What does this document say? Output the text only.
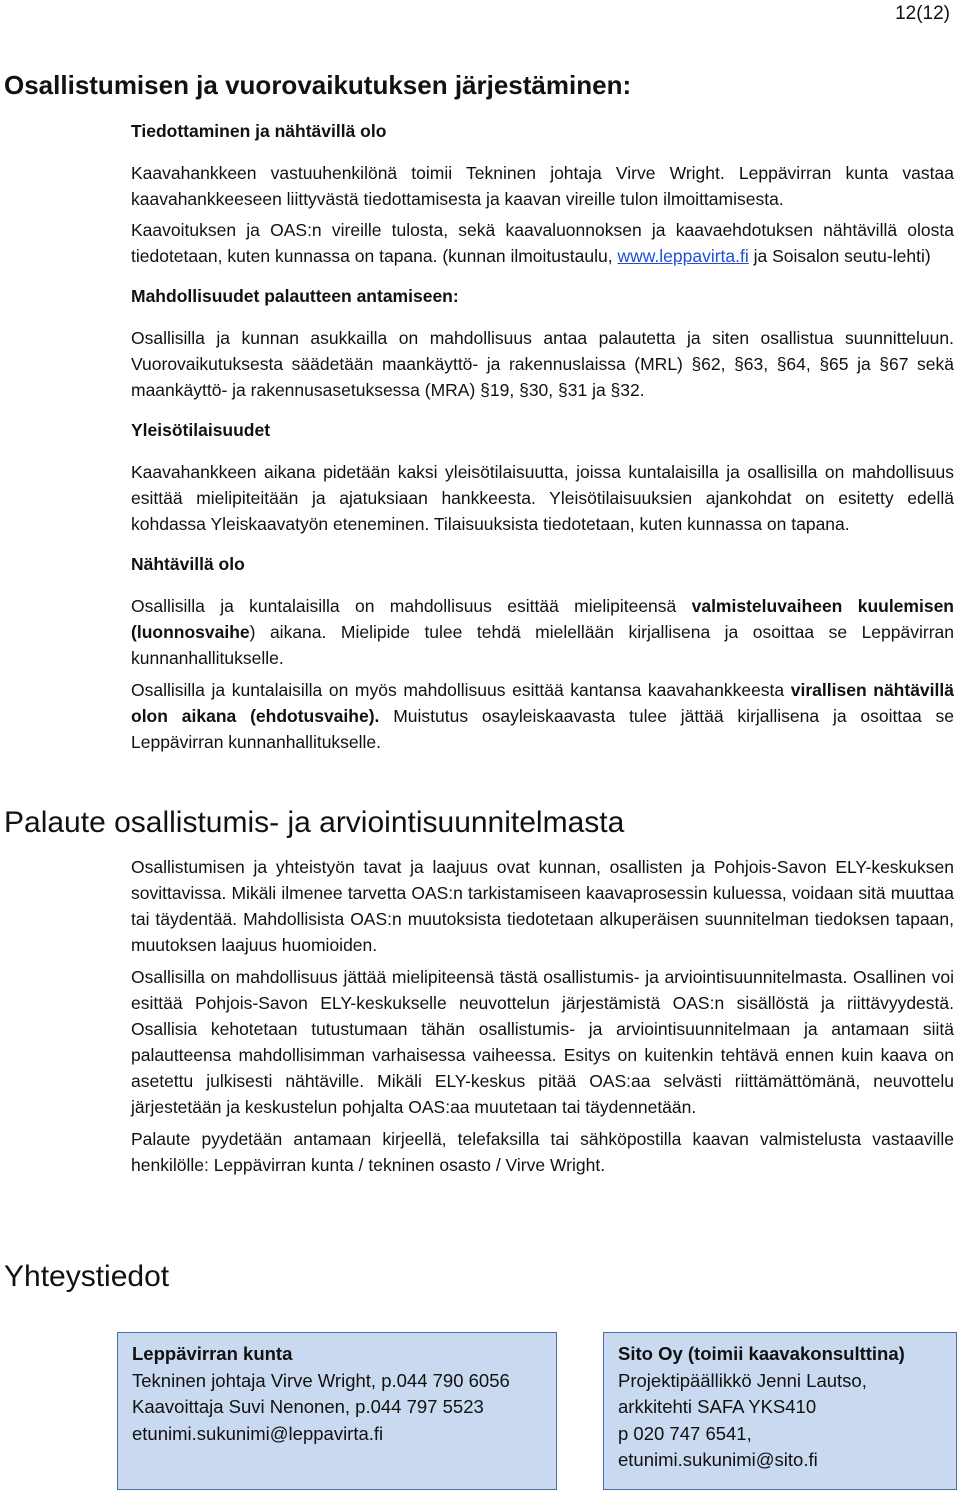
12(12)
Osallistumisen ja vuorovaikutuksen järjestäminen:
Tiedottaminen ja nähtävillä olo

Kaavahankkeen vastuuhenkilönä toimii Tekninen johtaja Virve Wright. Leppävirran kunta vastaa kaavahankkeeseen liittyvästä tiedottamisesta ja kaavan vireille tulon ilmoittamisesta.

Kaavoituksen ja OAS:n vireille tulosta, sekä kaavaluonnoksen ja kaavaehdotuksen nähtävillä olosta tiedotetaan, kuten kunnassa on tapana. (kunnan ilmoitustaulu, www.leppavirta.fi ja Soisalon seutu-lehti)

Mahdollisuudet palautteen antamiseen:

Osallisilla ja kunnan asukkailla on mahdollisuus antaa palautetta ja siten osallistua suunnitteluun. Vuorovaikutuksesta säädetään maankäyttö- ja rakennuslaissa (MRL) §62, §63, §64, §65 ja §67 sekä maankäyttö- ja rakennusasetuksessa (MRA) §19, §30, §31 ja §32.

Yleisötilaisuudet

Kaavahankkeen aikana pidetään kaksi yleisötilaisuutta, joissa kuntalaisilla ja osallisilla on mahdollisuus esittää mielipiteitään ja ajatuksiaan hankkeesta. Yleisötilaisuuksien ajankohdat on esitetty edellä kohdassa Yleiskaavatyön eteneminen. Tilaisuuksista tiedotetaan, kuten kunnassa on tapana.

Nähtävillä olo

Osallisilla ja kuntalaisilla on mahdollisuus esittää mielipiteensä valmisteluvaiheen kuulemisen (luonnosvaihe) aikana. Mielipide tulee tehdä mielellään kirjallisena ja osoittaa se Leppävirran kunnanhallitukselle.

Osallisilla ja kuntalaisilla on myös mahdollisuus esittää kantansa kaavahankkeesta virallisen nähtävillä olon aikana (ehdotusvaihe). Muistutus osayleiskaavasta tulee jättää kirjallisena ja osoittaa se Leppävirran kunnanhallitukselle.

Palaute osallistumis- ja arviointisuunnitelmasta

Osallistumisen ja yhteistyön tavat ja laajuus ovat kunnan, osallisten ja Pohjois-Savon ELY-keskuksen sovittavissa. Mikäli ilmenee tarvetta OAS:n tarkistamiseen kaavaprosessin kuluessa, voidaan sitä muuttaa tai täydentää. Mahdollisista OAS:n muutoksista tiedotetaan alkuperäisen suunnitelman tiedoksen tapaan, muutoksen laajuus huomioiden.

Osallisilla on mahdollisuus jättää mielipiteensä tästä osallistumis- ja arviointisuunnitelmasta. Osallinen voi esittää Pohjois-Savon ELY-keskukselle neuvottelun järjestämistä OAS:n sisällöstä ja riittävyydestä. Osallisia kehotetaan tutustumaan tähän osallistumis- ja arviointisuunnitelmaan ja antamaan siitä palautteensa mahdollisimman varhaisessa vaiheessa. Esitys on kuitenkin tehtävä ennen kuin kaava on asetettu julkisesti nähtäville. Mikäli ELY-keskus pitää OAS:aa selvästi riittämättömänä, neuvottelu järjestetään ja keskustelun pohjalta OAS:aa muutetaan tai täydennetään.

Palaute pyydetään antamaan kirjeellä, telefaksilla tai sähköpostilla kaavan valmistelusta vastaaville henkilölle: Leppävirran kunta / tekninen osasto / Virve Wright.

Yhteystiedot
Leppävirran kunta
Tekninen johtaja Virve Wright, p.044 790 6056
Kaavoittaja Suvi Nenonen, p.044 797 5523
etunimi.sukunimi@leppavirta.fi
Sito Oy (toimii kaavakonsulttina)
Projektipäällikkö Jenni Lautso,
arkkitehti SAFA YKS410
p 020 747 6541,
etunimi.sukunimi@sito.fi
